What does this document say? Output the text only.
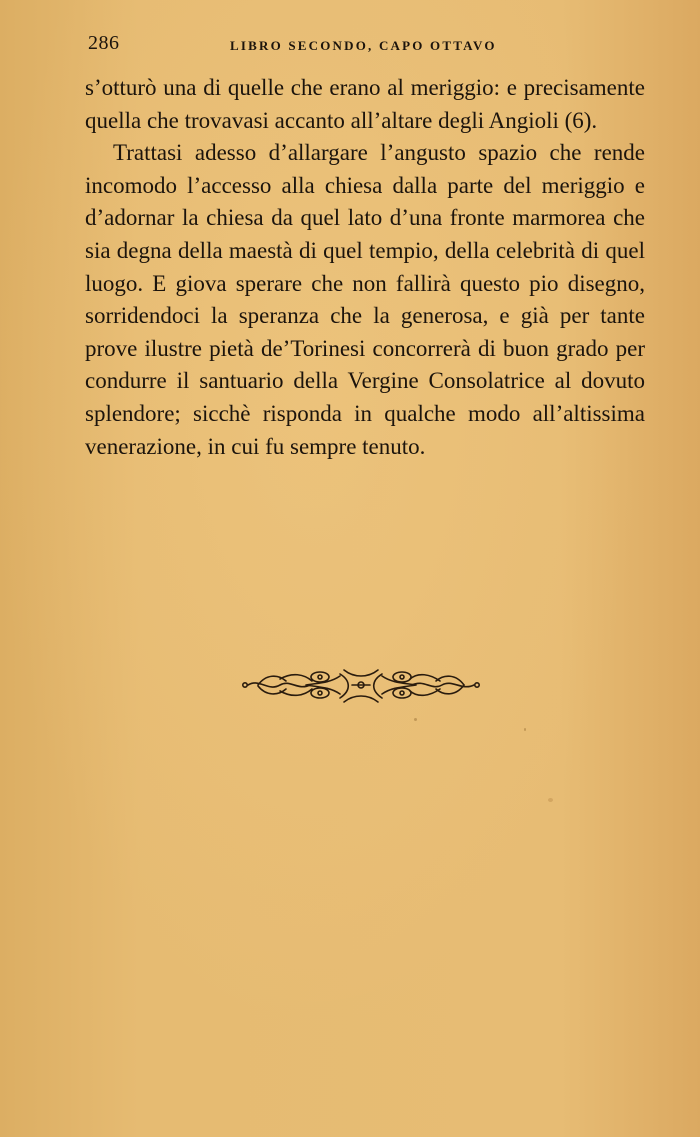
286	LIBRO SECONDO, CAPO OTTAVO

s’otturò una di quelle che erano al meriggio: e precisamente quella che trovavasi accanto all’altare degli Angioli (6).

Trattasi adesso d’allargare l’angusto spazio che rende incomodo l’accesso alla chiesa dalla parte del meriggio e d’adornar la chiesa da quel lato d’una fronte marmorea che sia degna della maestà di quel tempio, della celebrità di quel luogo. E giova sperare che non fallirà questo pio disegno, sorridendoci la speranza che la generosa, e già per tante prove ilustre pietà de’Torinesi concorrerà di buon grado per condurre il santuario della Vergine Consolatrice al dovuto splendore; sicchè risponda in qualche modo all’altissima venerazione, in cui fu sempre tenuto.
